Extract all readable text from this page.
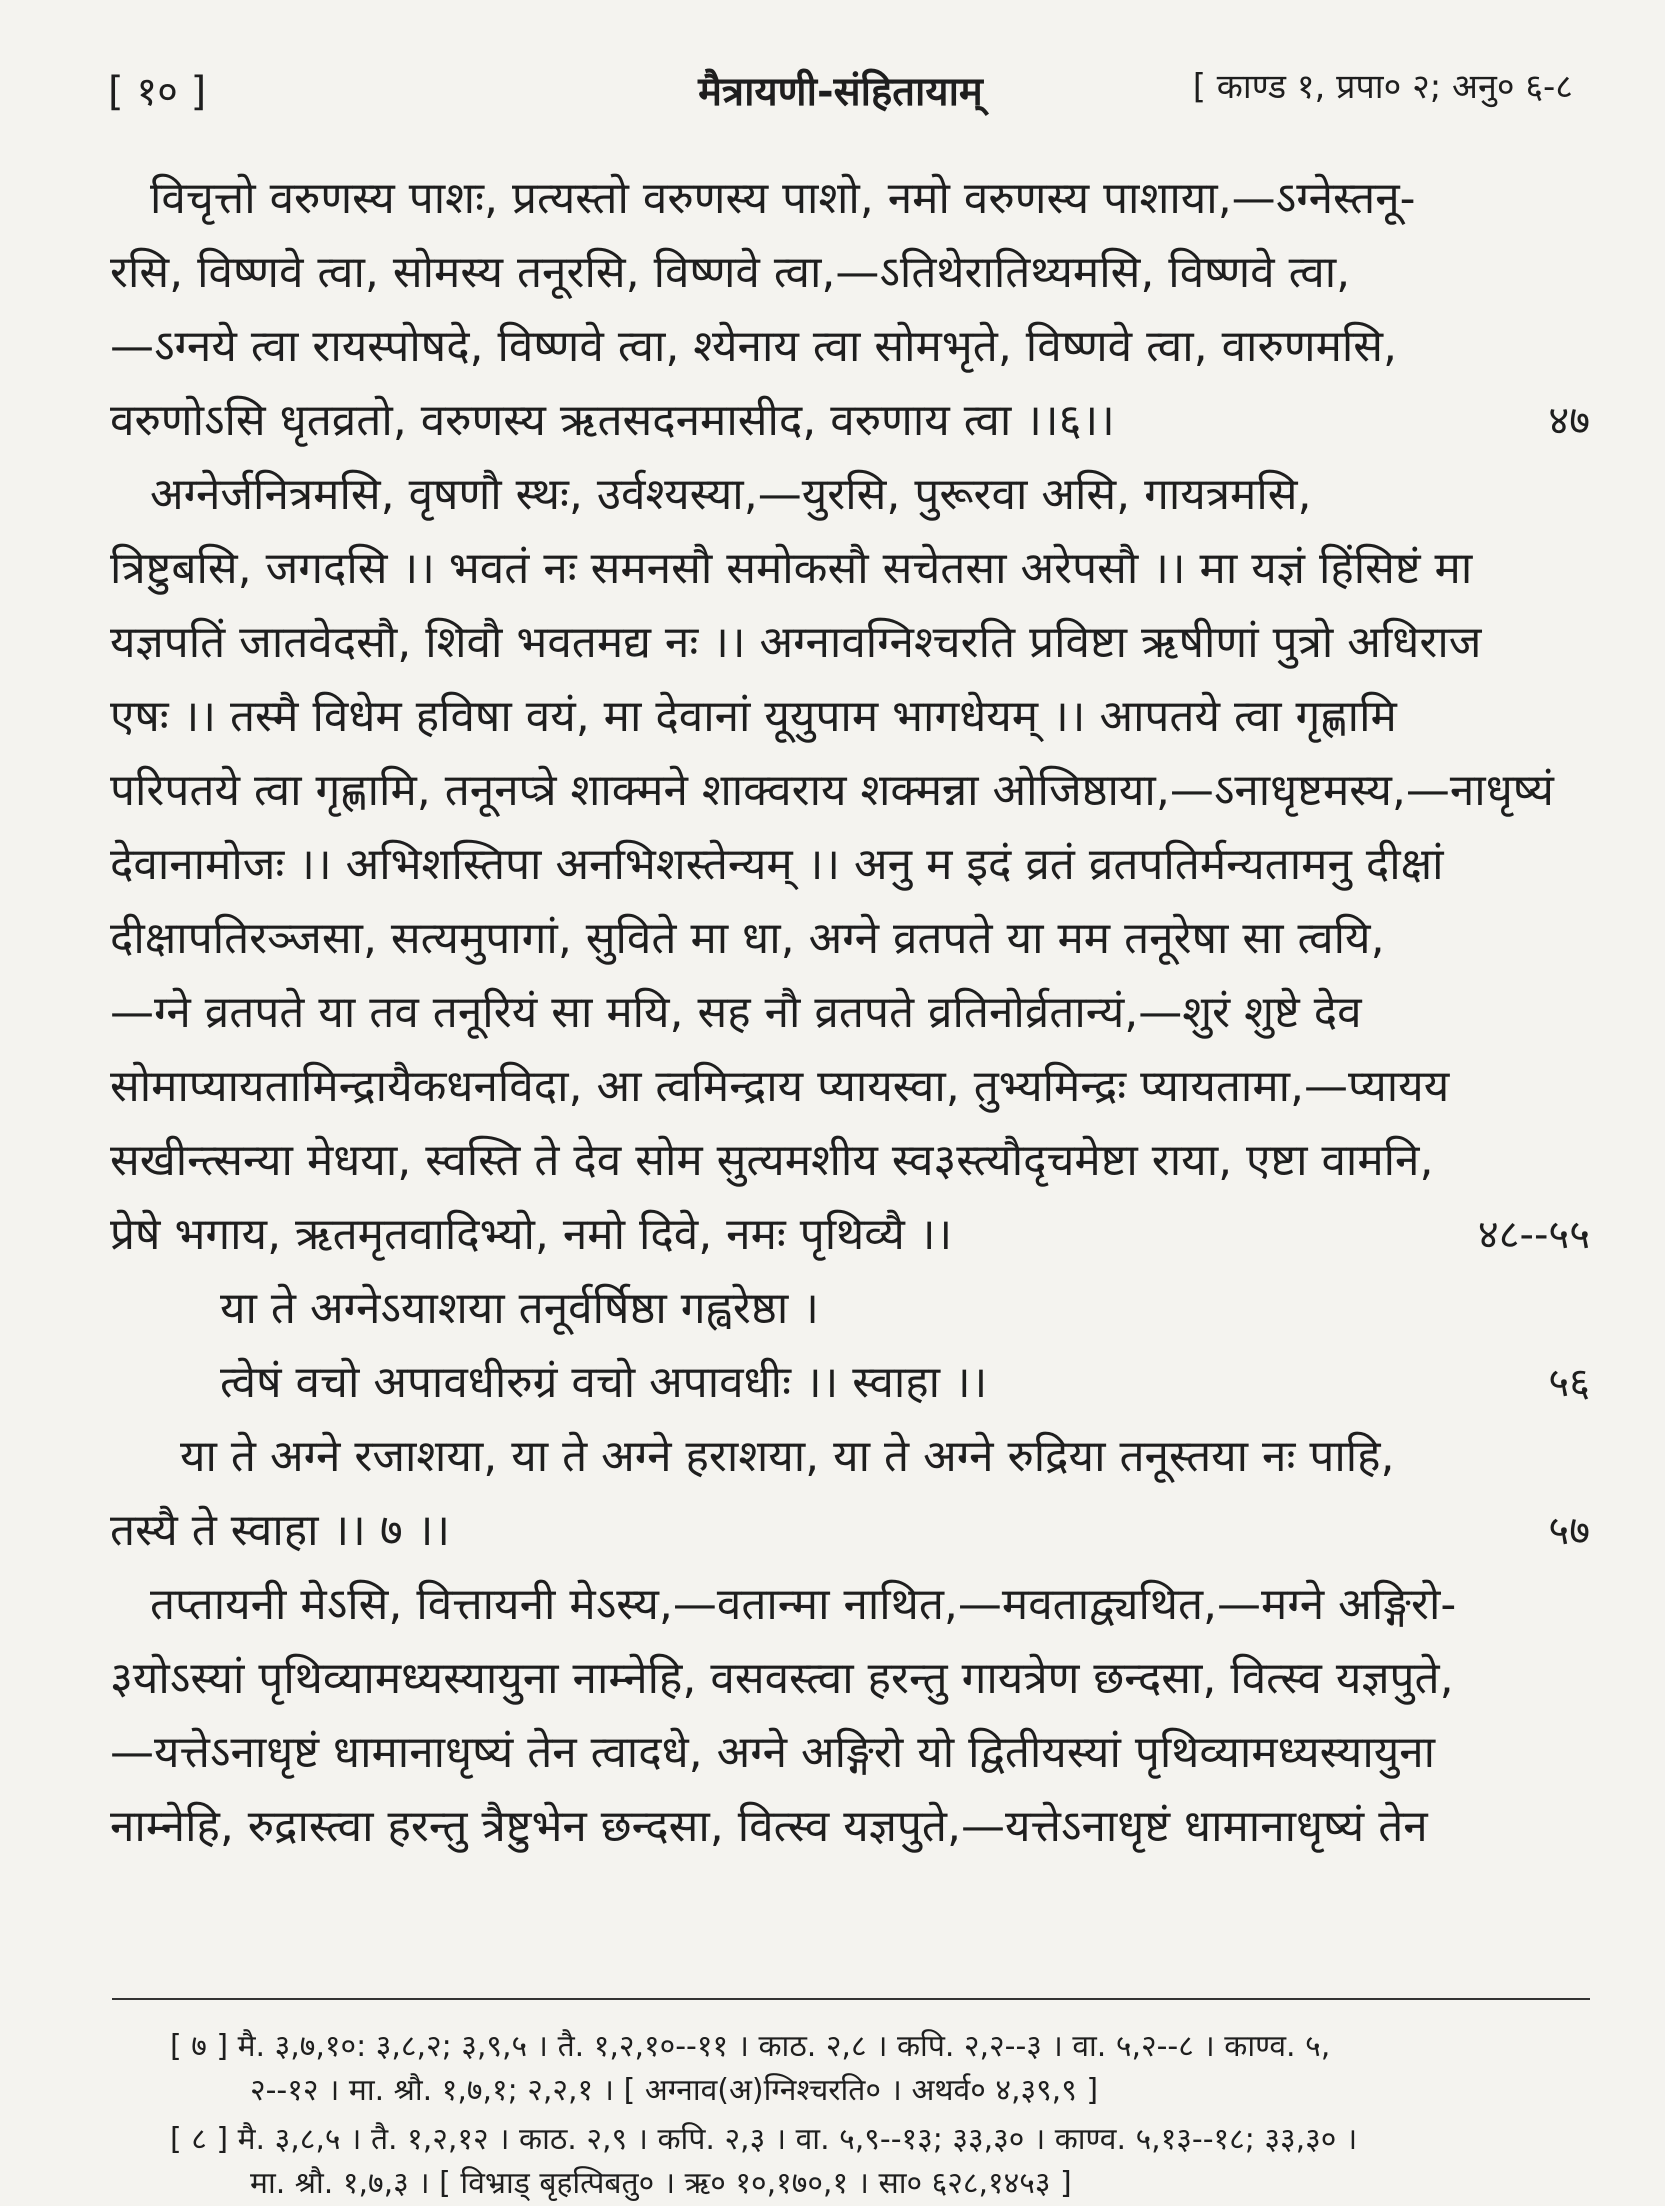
[ १० ]	मैत्रायणी-संहितायाम्	[ काण्ड १, प्रपा० २; अनु० ६-८
विचृत्तो वरुणस्य पाशः, प्रत्यस्तो वरुणस्य पाशो, नमो वरुणस्य पाशाया,—ऽग्नेस्तनू-
रसि, विष्णवे त्वा, सोमस्य तनूरसि, विष्णवे त्वा,—ऽतिथेरातिथ्यमसि, विष्णवे त्वा,
—ऽग्नये त्वा रायस्पोषदे, विष्णवे त्वा, श्येनाय त्वा सोमभृते, विष्णवे त्वा, वारुणमसि,
वरुणोऽसि धृतव्रतो, वरुणस्य ऋतसदनमासीद, वरुणाय त्वा ।।६।।	४७
अग्नेर्जनित्रमसि, वृषणौ स्थः, उर्वश्यस्या,—युरसि, पुरूरवा असि, गायत्रमसि,
त्रिष्टुबसि, जगदसि ।। भवतं नः समनसौ समोकसौ सचेतसा अरेपसौ ।। मा यज्ञं हिंसिष्टं मा
यज्ञपतिं जातवेदसौ, शिवौ भवतमद्य नः ।। अग्नावग्निश्चरति प्रविष्टा ऋषीणां पुत्रो अधिराज
एषः ।। तस्मै विधेम हविषा वयं, मा देवानां यूयुपाम भागधेयम् ।। आपतये त्वा गृह्णामि
परिपतये त्वा गृह्णामि, तनूनप्त्रे शाक्मने शाक्वराय शक्मन्ना ओजिष्ठाया,—ऽनाधृष्टमस्य,—नाधृष्यं
देवानामोजः ।। अभिशस्तिपा अनभिशस्तेन्यम् ।। अनु म इदं व्रतं व्रतपतिर्मन्यतामनु दीक्षां
दीक्षापतिरञ्जसा, सत्यमुपागां, सुविते मा धा, अग्ने व्रतपते या मम तनूरेषा सा त्वयि,
—ग्ने व्रतपते या तव तनूरियं सा मयि, सह नौ व्रतपते व्रतिनोर्व्रतान्यं,—शुरं शुष्टे देव
सोमाप्यायतामिन्द्रायैकधनविदा, आ त्वमिन्द्राय प्यायस्वा, तुभ्यमिन्द्रः प्यायतामा,—प्यायय
सखीन्त्सन्या मेधया, स्वस्ति ते देव सोम सुत्यमशीय स्व३स्त्यौदृचमेष्टा राया, एष्टा वामनि,
प्रेषे भगाय, ऋतमृतवादिभ्यो, नमो दिवे, नमः पृथिव्यै ।।	४८--५५
या ते अग्नेऽयाशया तनूर्वर्षिष्ठा गह्वरेष्ठा ।
त्वेषं वचो अपावधीरुग्रं वचो अपावधीः ।। स्वाहा ।।	५६
या ते अग्ने रजाशया, या ते अग्ने हराशया, या ते अग्ने रुद्रिया तनूस्तया नः पाहि,
तस्यै ते स्वाहा ।। ७ ।।	५७
तप्तायनी मेऽसि, वित्तायनी मेऽस्य,—वतान्मा नाथित,—मवताद्व्यथित,—मग्ने अङ्गिरो-
३योऽस्यां पृथिव्यामध्यस्यायुना नाम्नेहि, वसवस्त्वा हरन्तु गायत्रेण छन्दसा, वित्स्व यज्ञपुते,
—यत्तेऽनाधृष्टं धामानाधृष्यं तेन त्वादधे, अग्ने अङ्गिरो यो द्वितीयस्यां पृथिव्यामध्यस्यायुना
नाम्नेहि, रुद्रास्त्वा हरन्तु त्रैष्टुभेन छन्दसा, वित्स्व यज्ञपुते,—यत्तेऽनाधृष्टं धामानाधृष्यं तेन
[ ७ ] मै. ३,७,१०: ३,८,२; ३,९,५ । तै. १,२,१०--११ । काठ. २,८ । कपि. २,२--३ । वा. ५,२--८ । काण्व. ५,
२--१२ । मा. श्रौ. १,७,१; २,२,१ । [ अग्नाव(अ)ग्निश्चरति० । अथर्व० ४,३९,९ ]
[ ८ ] मै. ३,८,५ । तै. १,२,१२ । काठ. २,९ । कपि. २,३ । वा. ५,९--१३; ३३,३० । काण्व. ५,१३--१८; ३३,३० ।
मा. श्रौ. १,७,३ । [ विभ्राड् बृहत्पिबतु० । ऋ० १०,१७०,१ । सा० ६२८,१४५३ ]
